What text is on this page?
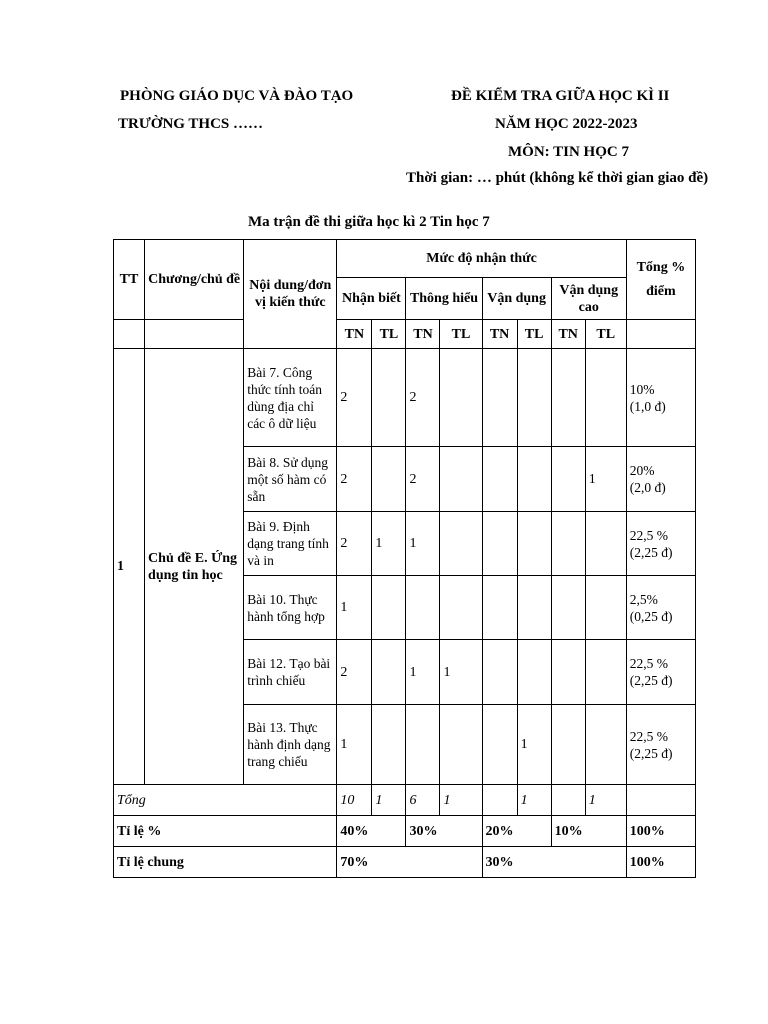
PHÒNG GIÁO DỤC VÀ ĐÀO TẠO
TRƯỜNG THCS ……
ĐỀ KIỂM TRA GIỮA HỌC KÌ II
NĂM HỌC 2022-2023
MÔN: TIN HỌC 7
Thời gian: … phút (không kể thời gian giao đề)
Ma trận đề thi giữa học kì 2 Tin học 7
TT	Chương/chủ đề	Nội dung/đơn vị kiến thức	Mức độ nhận thức								Tổng % điểm
			Nhận biết		Thông hiểu		Vận dụng		Vận dụng cao		
			TN	TL	TN	TL	TN	TL	TN	TL	
1	Chủ đề E. Ứng dụng tin học	Bài 7. Công thức tính toán dùng địa chỉ các ô dữ liệu	2		2						10%
(1,0 đ)

		Bài 8. Sử dụng một số hàm có sẵn	2		2					1	20%
(2,0 đ)

		Bài 9. Định dạng trang tính và in	2	1	1						22,5 %
(2,25 đ)

		Bài 10. Thực hành tổng hợp	1								2,5%
(0,25 đ)

		Bài 12. Tạo bài trình chiếu	2		1	1					22,5 %
(2,25 đ)

		Bài 13. Thực hành định dạng trang chiếu	1					1			22,5 %
(2,25 đ)

Tổng			10	1	6	1		1		1	
Tỉ lệ %			40%		30%		20%		10%		100%
Tỉ lệ chung			70%				30%				100%
